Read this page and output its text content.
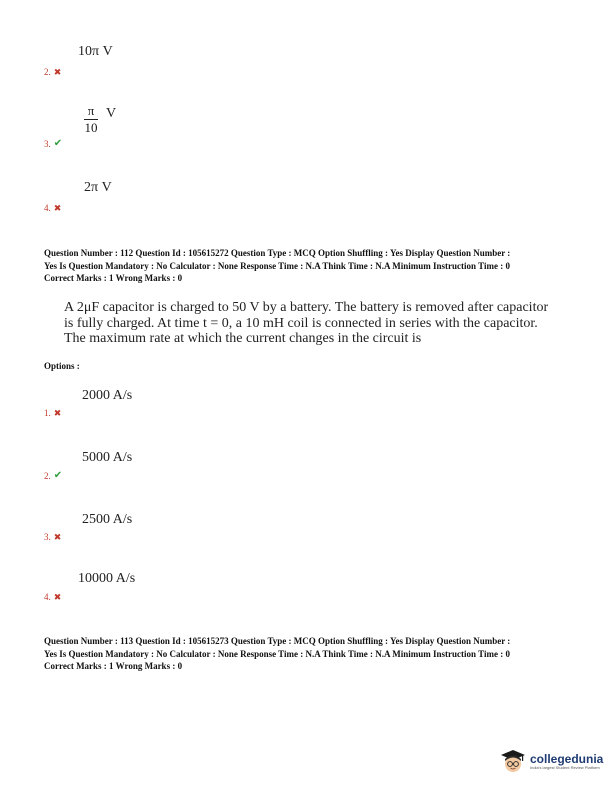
10π V
2. ✖
$\frac{\pi}{10}$ V
3. ✔
2π V
4. ✖
Question Number : 112 Question Id : 105615272 Question Type : MCQ Option Shuffling : Yes Display Question Number :
Yes Is Question Mandatory : No Calculator : None Response Time : N.A Think Time : N.A Minimum Instruction Time : 0
Correct Marks : 1 Wrong Marks : 0
A 2μF capacitor is charged to 50 V by a battery. The battery is removed after capacitor
is fully charged. At time t = 0, a 10 mH coil is connected in series with the capacitor.
The maximum rate at which the current changes in the circuit is
Options :
2000 A/s
1. ✖
5000 A/s
2. ✔
2500 A/s
3. ✖
10000 A/s
4. ✖
Question Number : 113 Question Id : 105615273 Question Type : MCQ Option Shuffling : Yes Display Question Number :
Yes Is Question Mandatory : No Calculator : None Response Time : N.A Think Time : N.A Minimum Instruction Time : 0
Correct Marks : 1 Wrong Marks : 0
collegedunia
India's largest Student Review Platform
